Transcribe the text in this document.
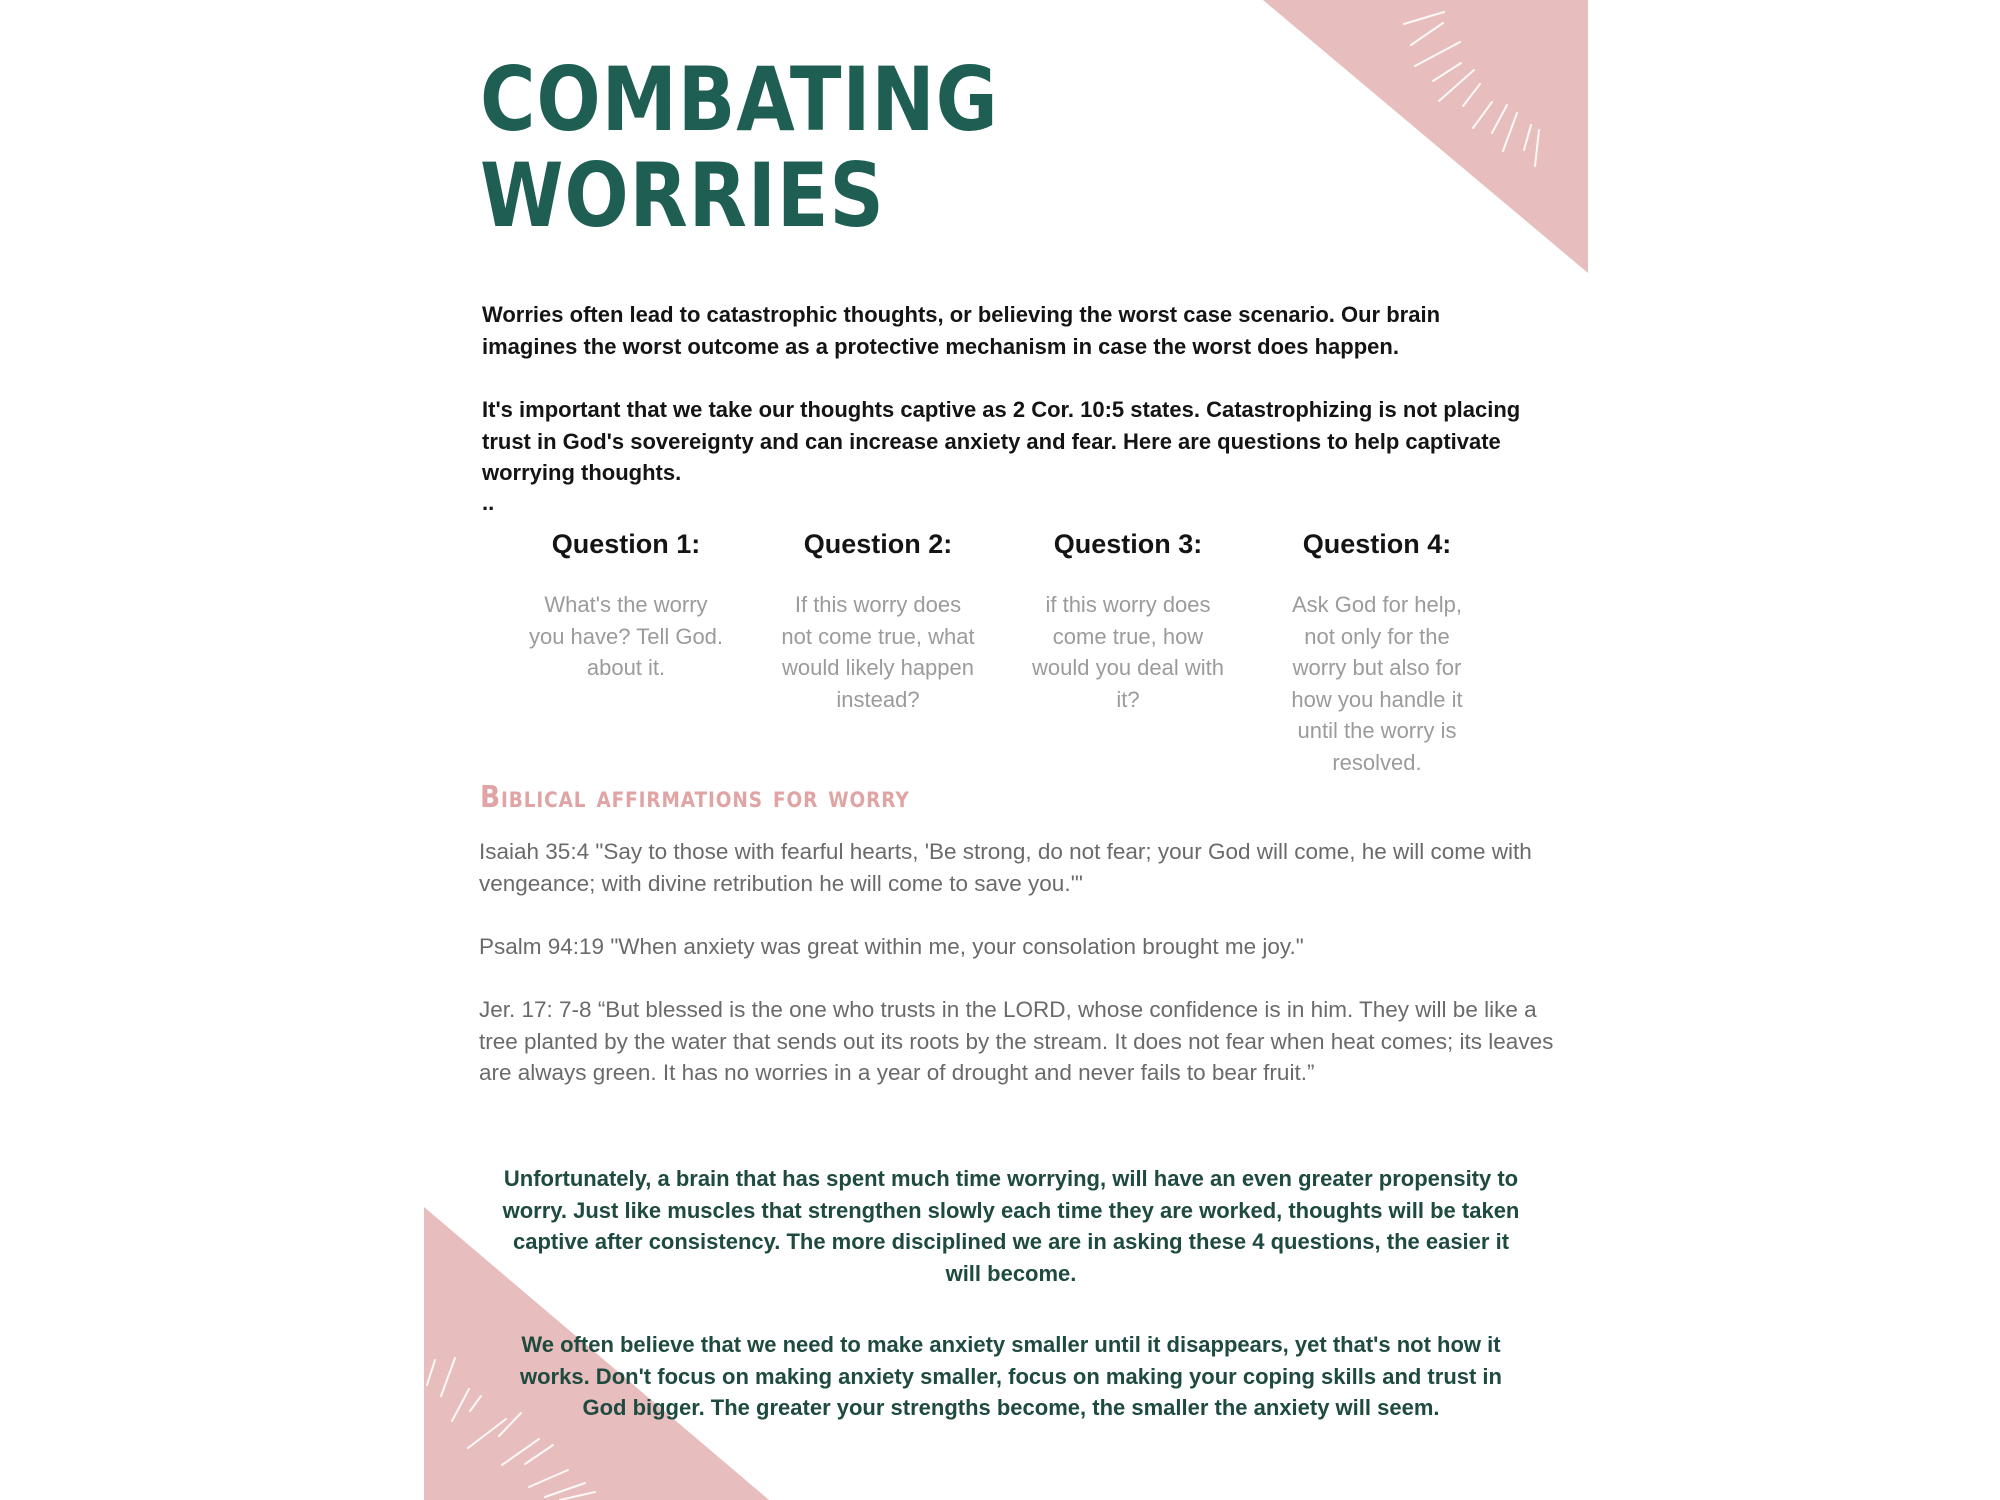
COMBATING
WORRIES

Worries often lead to catastrophic thoughts, or believing the worst case scenario. Our brain imagines the worst outcome as a protective mechanism in case the worst does happen.

It's important that we take our thoughts captive as 2 Cor. 10:5 states. Catastrophizing is not placing trust in God's sovereignty and can increase anxiety and fear. Here are questions to help captivate worrying thoughts.

..
Question 1:
What's the worry you have? Tell God. about it.
Question 2:
If this worry does not come true, what would likely happen instead?
Question 3:
if this worry does come true, how would you deal with it?
Question 4:
Ask God for help, not only for the worry but also for how you handle it until the worry is resolved.
Biblical affirmations for worry

Isaiah 35:4 "Say to those with fearful hearts, 'Be strong, do not fear; your God will come, he will come with vengeance; with divine retribution he will come to save you.'"

Psalm 94:19 "When anxiety was great within me, your consolation brought me joy."

Jer. 17: 7-8 “But blessed is the one who trusts in the LORD, whose confidence is in him. They will be like a tree planted by the water that sends out its roots by the stream. It does not fear when heat comes; its leaves are always green. It has no worries in a year of drought and never fails to bear fruit.”

Unfortunately, a brain that has spent much time worrying, will have an even greater propensity to worry. Just like muscles that strengthen slowly each time they are worked, thoughts will be taken captive after consistency. The more disciplined we are in asking these 4 questions, the easier it will become.

We often believe that we need to make anxiety smaller until it disappears, yet that's not how it works. Don't focus on making anxiety smaller, focus on making your coping skills and trust in God bigger. The greater your strengths become, the smaller the anxiety will seem.
